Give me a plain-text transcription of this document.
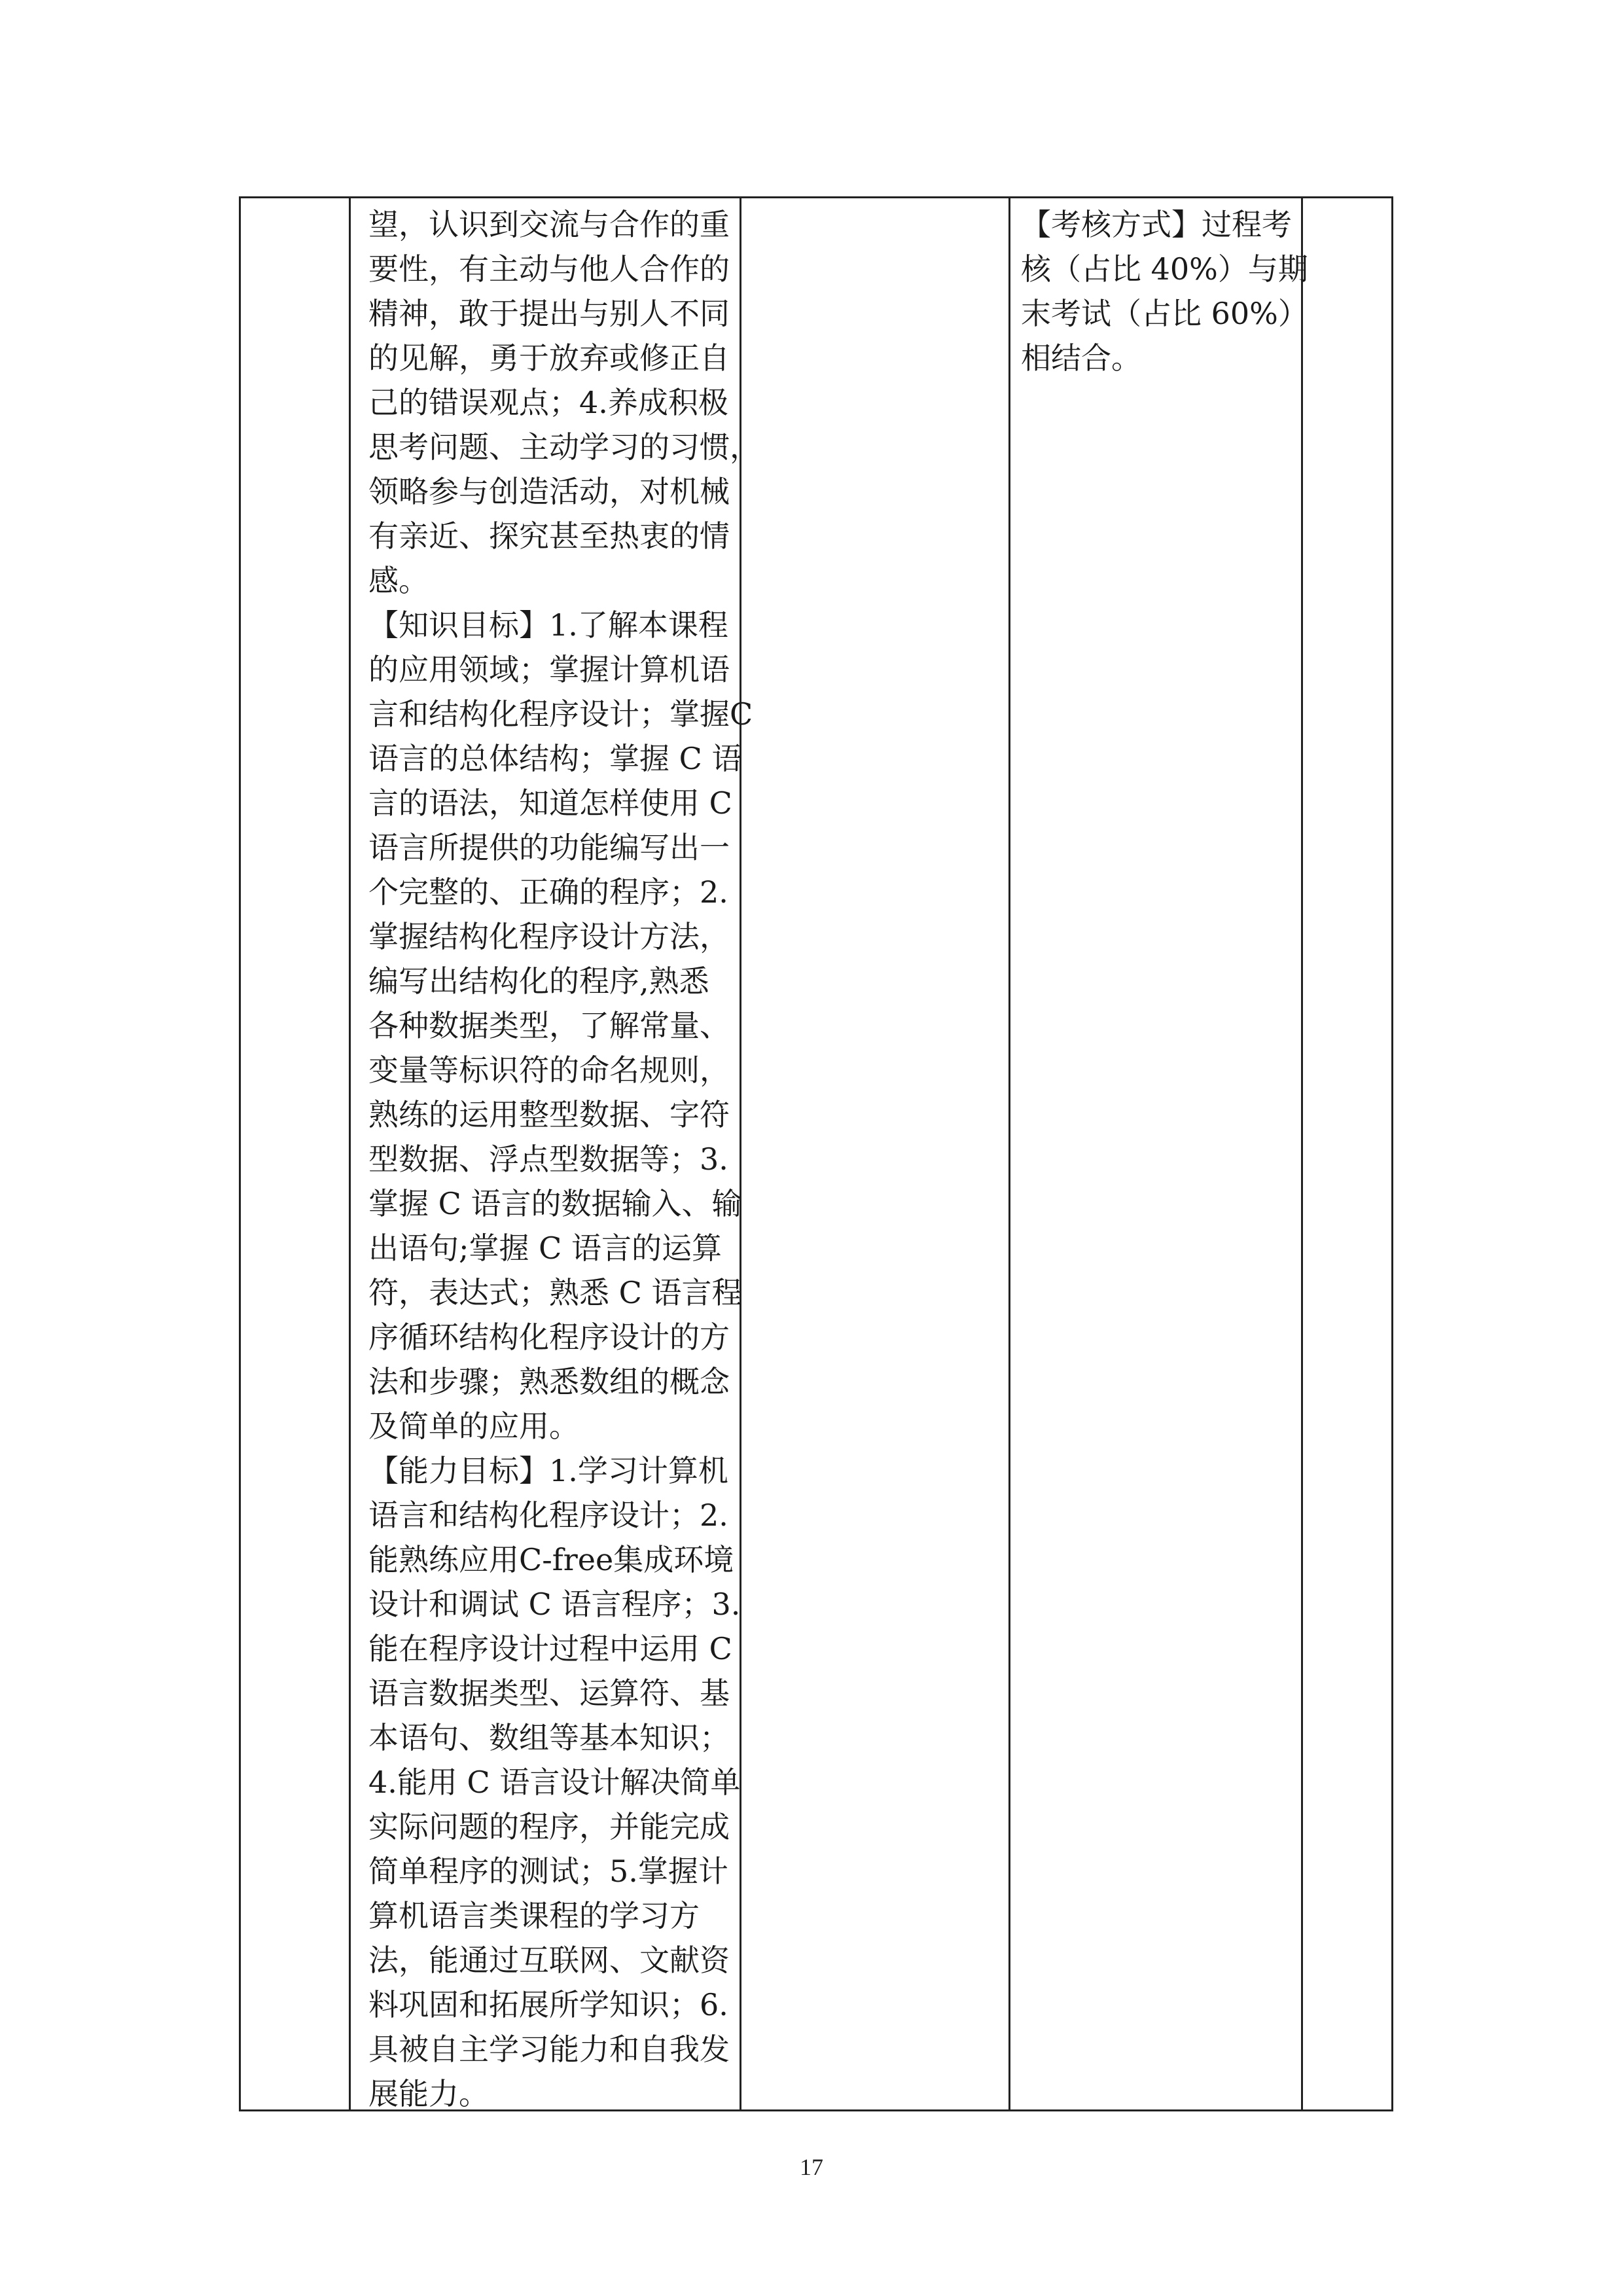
望，认识到交流与合作的重
要性，有主动与他人合作的
精神，敢于提出与别人不同
的见解，勇于放弃或修正自
己的错误观点；4.养成积极
思考问题、主动学习的习惯，
领略参与创造活动，对机械
有亲近、探究甚至热衷的情
感。
【知识目标】1.了解本课程
的应用领域；掌握计算机语
言和结构化程序设计；掌握C
语言的总体结构；掌握 C 语
言的语法，知道怎样使用 C
语言所提供的功能编写出一
个完整的、正确的程序；2.
掌握结构化程序设计方法，
编写出结构化的程序,熟悉
各种数据类型，了解常量、
变量等标识符的命名规则，
熟练的运用整型数据、字符
型数据、浮点型数据等；3.
掌握 C 语言的数据输入、输
出语句;掌握 C 语言的运算
符，表达式；熟悉 C 语言程
序循环结构化程序设计的方
法和步骤；熟悉数组的概念
及简单的应用。
【能力目标】1.学习计算机
语言和结构化程序设计；2.
能熟练应用C-free集成环境
设计和调试 C 语言程序；3.
能在程序设计过程中运用 C
语言数据类型、运算符、基
本语句、数组等基本知识；
4.能用 C 语言设计解决简单
实际问题的程序，并能完成
简单程序的测试；5.掌握计
算机语言类课程的学习方
法，能通过互联网、文献资
料巩固和拓展所学知识；6.
具被自主学习能力和自我发
展能力。
【考核方式】过程考
核（占比 40%）与期
末考试（占比 60%）
相结合。
17
